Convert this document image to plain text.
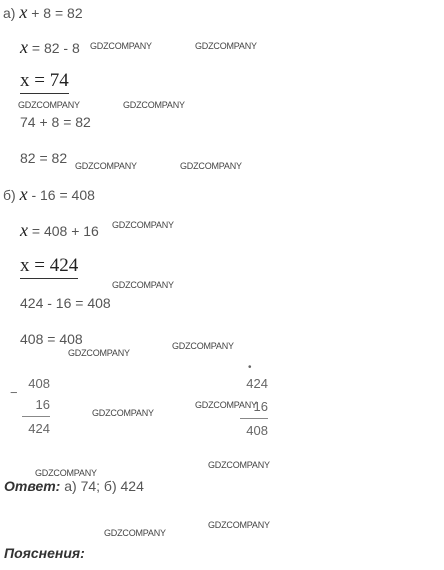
а) x + 8 = 82
x = 82 - 8 GDZCOMPANY	GDZCOMPANY
x = 74
GDZCOMPANY	GDZCOMPANY
74 + 8 = 82
82 = 82 GDZCOMPANY	GDZCOMPANY
б) x - 16 = 408
x = 408 + 16 GDZCOMPANY
x = 424
GDZCOMPANY
424 - 16 = 408
408 = 408
GDZCOMPANY
GDZCOMPANY
−
408
16
424
GDZCOMPANY
GDZCOMPANY
•
424
16
408
GDZCOMPANY
GDZCOMPANY
Ответ: а) 74; б) 424
GDZCOMPANY
GDZCOMPANY
Пояснения:
